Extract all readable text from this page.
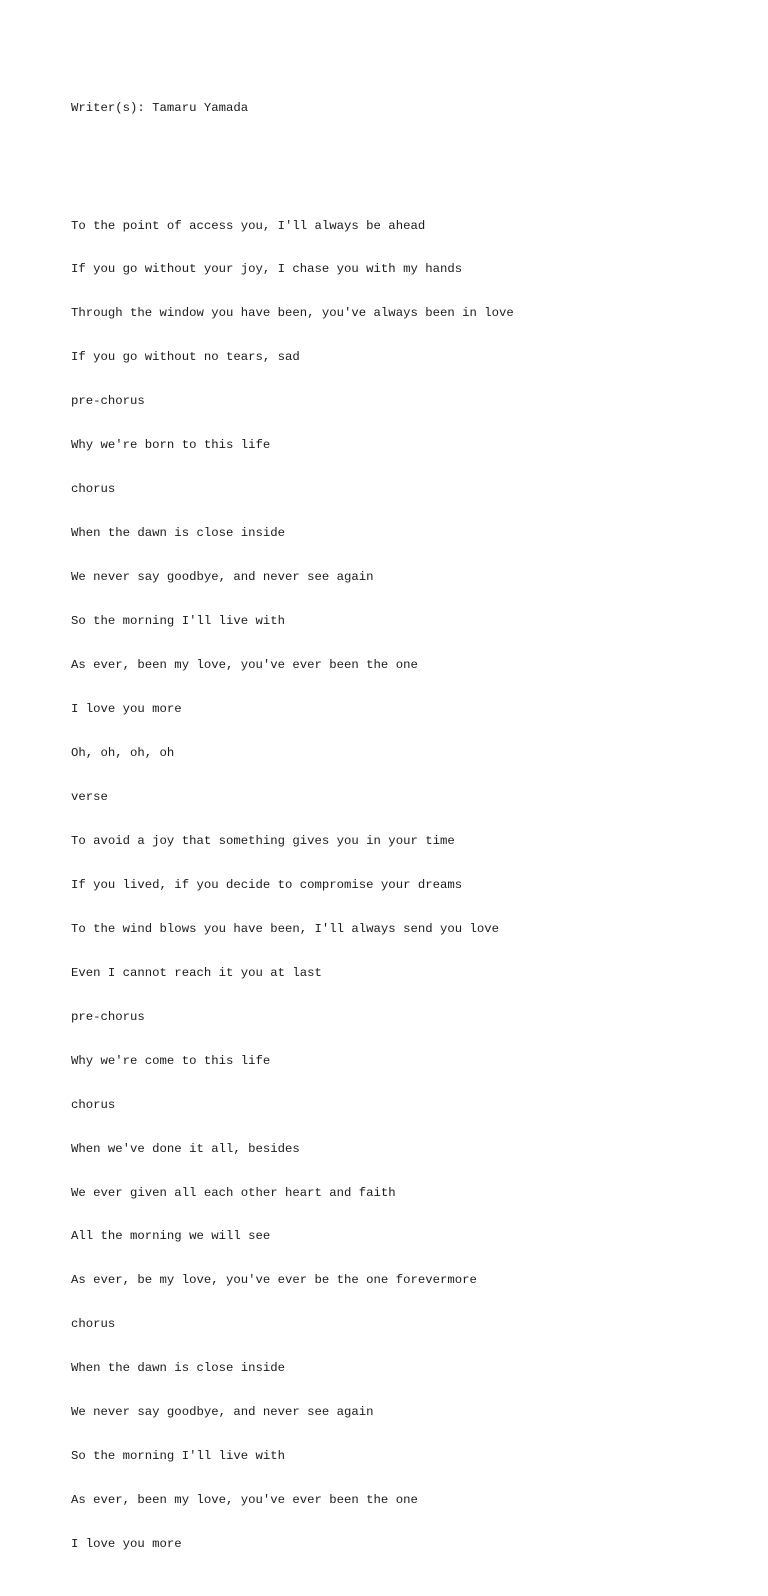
Writer(s): Tamaru Yamada

To the point of access you, I'll always be ahead

If you go without your joy, I chase you with my hands

Through the window you have been, you've always been in love

If you go without no tears, sad

pre-chorus

Why we're born to this life

chorus

When the dawn is close inside

We never say goodbye, and never see again

So the morning I'll live with

As ever, been my love, you've ever been the one

I love you more

Oh, oh, oh, oh

verse

To avoid a joy that something gives you in your time

If you lived, if you decide to compromise your dreams

To the wind blows you have been, I'll always send you love

Even I cannot reach it you at last

pre-chorus

Why we're come to this life

chorus

When we've done it all, besides

We ever given all each other heart and faith

All the morning we will see

As ever, be my love, you've ever be the one forevermore

chorus

When the dawn is close inside

We never say goodbye, and never see again

So the morning I'll live with

As ever, been my love, you've ever been the one

I love you more
